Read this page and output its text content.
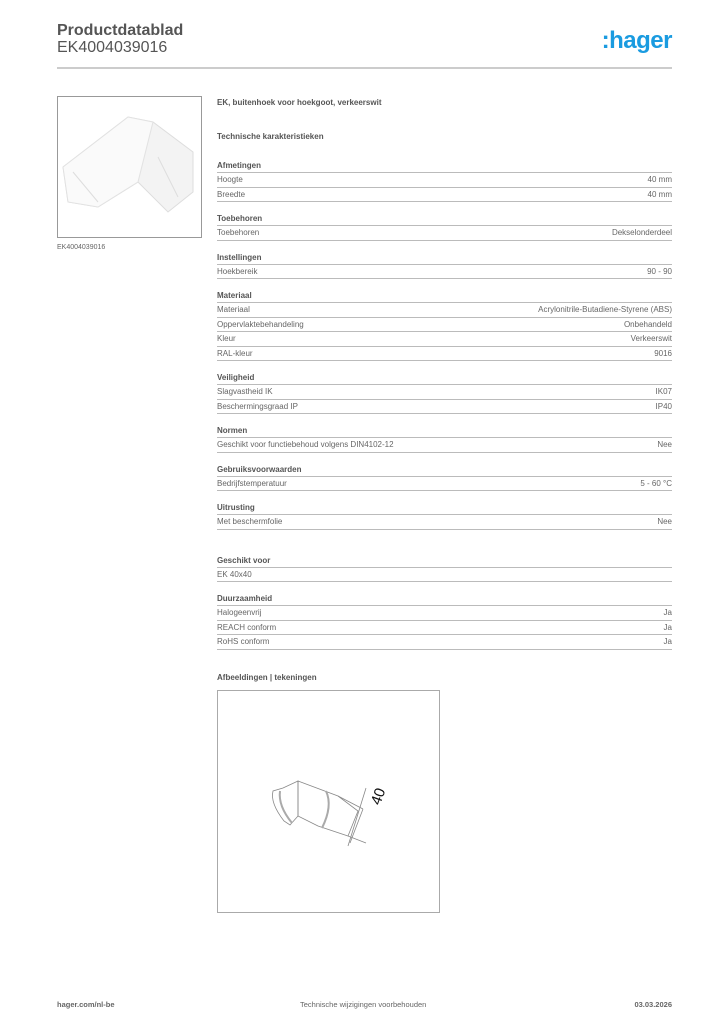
Productdatablad
EK4004039016	:hager
EK4004039016
EK, buitenhoek voor hoekgoot, verkeerswit
Technische karakteristieken
Afmetingen
Hoogte	40 mm
Breedte	40 mm
Toebehoren
Toebehoren	Dekselonderdeel
Instellingen
Hoekbereik	90 - 90
Materiaal
Materiaal	Acrylonitrile-Butadiene-Styrene (ABS)
Oppervlaktebehandeling	Onbehandeld
Kleur	Verkeerswit
RAL-kleur	9016
Veiligheid
Slagvastheid IK	IK07
Beschermingsgraad IP	IP40
Normen
Geschikt voor functiebehoud volgens DIN4102-12	Nee
Gebruiksvoorwaarden
Bedrijfstemperatuur	5 - 60 °C
Uitrusting
Met beschermfolie	Nee
Geschikt voor
EK 40x40
Duurzaamheid
Halogeenvrij	Ja
REACH conform	Ja
RoHS conform	Ja
Afbeeldingen | tekeningen
40
hager.com/nl-be	Technische wijzigingen voorbehouden	03.03.2026
